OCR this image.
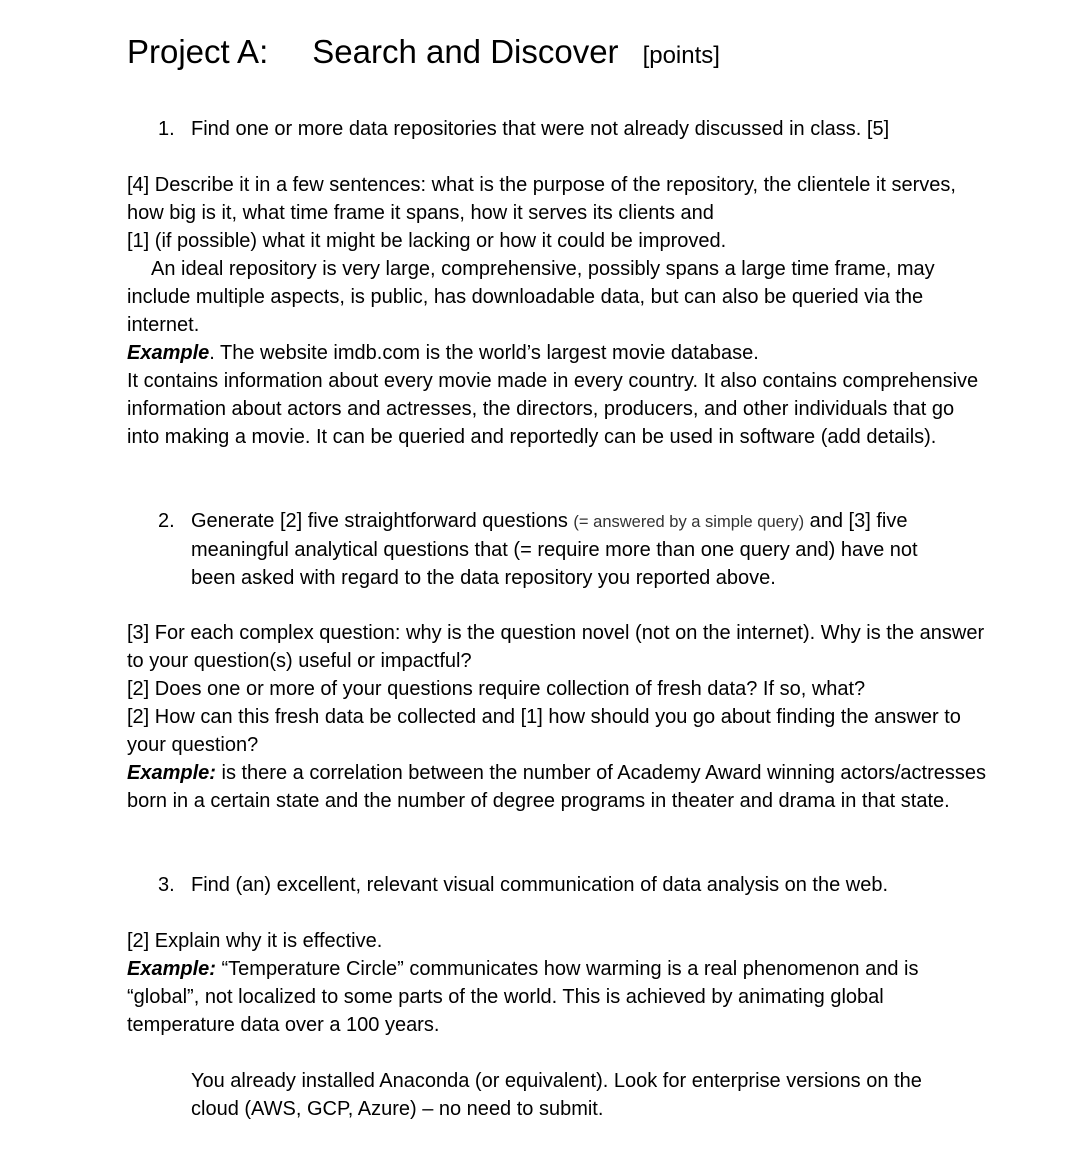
Project A: Search and Discover [points]
1. Find one or more data repositories that were not already discussed in class. [5]

[4] Describe it in a few sentences: what is the purpose of the repository, the clientele it serves, how big is it, what time frame it spans, how it serves its clients and

[1] (if possible) what it might be lacking or how it could be improved.

An ideal repository is very large, comprehensive, possibly spans a large time frame, may include multiple aspects, is public, has downloadable data, but can also be queried via the internet.

Example. The website imdb.com is the world’s largest movie database.

It contains information about every movie made in every country. It also contains comprehensive information about actors and actresses, the directors, producers, and other individuals that go into making a movie. It can be queried and reportedly can be used in software (add details).

2. Generate [2] five straightforward questions (= answered by a simple query) and [3] five meaningful analytical questions that (= require more than one query and) have not been asked with regard to the data repository you reported above.

[3] For each complex question: why is the question novel (not on the internet). Why is the answer to your question(s) useful or impactful?

[2] Does one or more of your questions require collection of fresh data? If so, what?

[2] How can this fresh data be collected and [1] how should you go about finding the answer to your question?

Example: is there a correlation between the number of Academy Award winning actors/actresses born in a certain state and the number of degree programs in theater and drama in that state.

3. Find (an) excellent, relevant visual communication of data analysis on the web.

[2] Explain why it is effective.

Example: “Temperature Circle” communicates how warming is a real phenomenon and is “global”, not localized to some parts of the world. This is achieved by animating global temperature data over a 100 years.

You already installed Anaconda (or equivalent). Look for enterprise versions on the cloud (AWS, GCP, Azure) – no need to submit.
